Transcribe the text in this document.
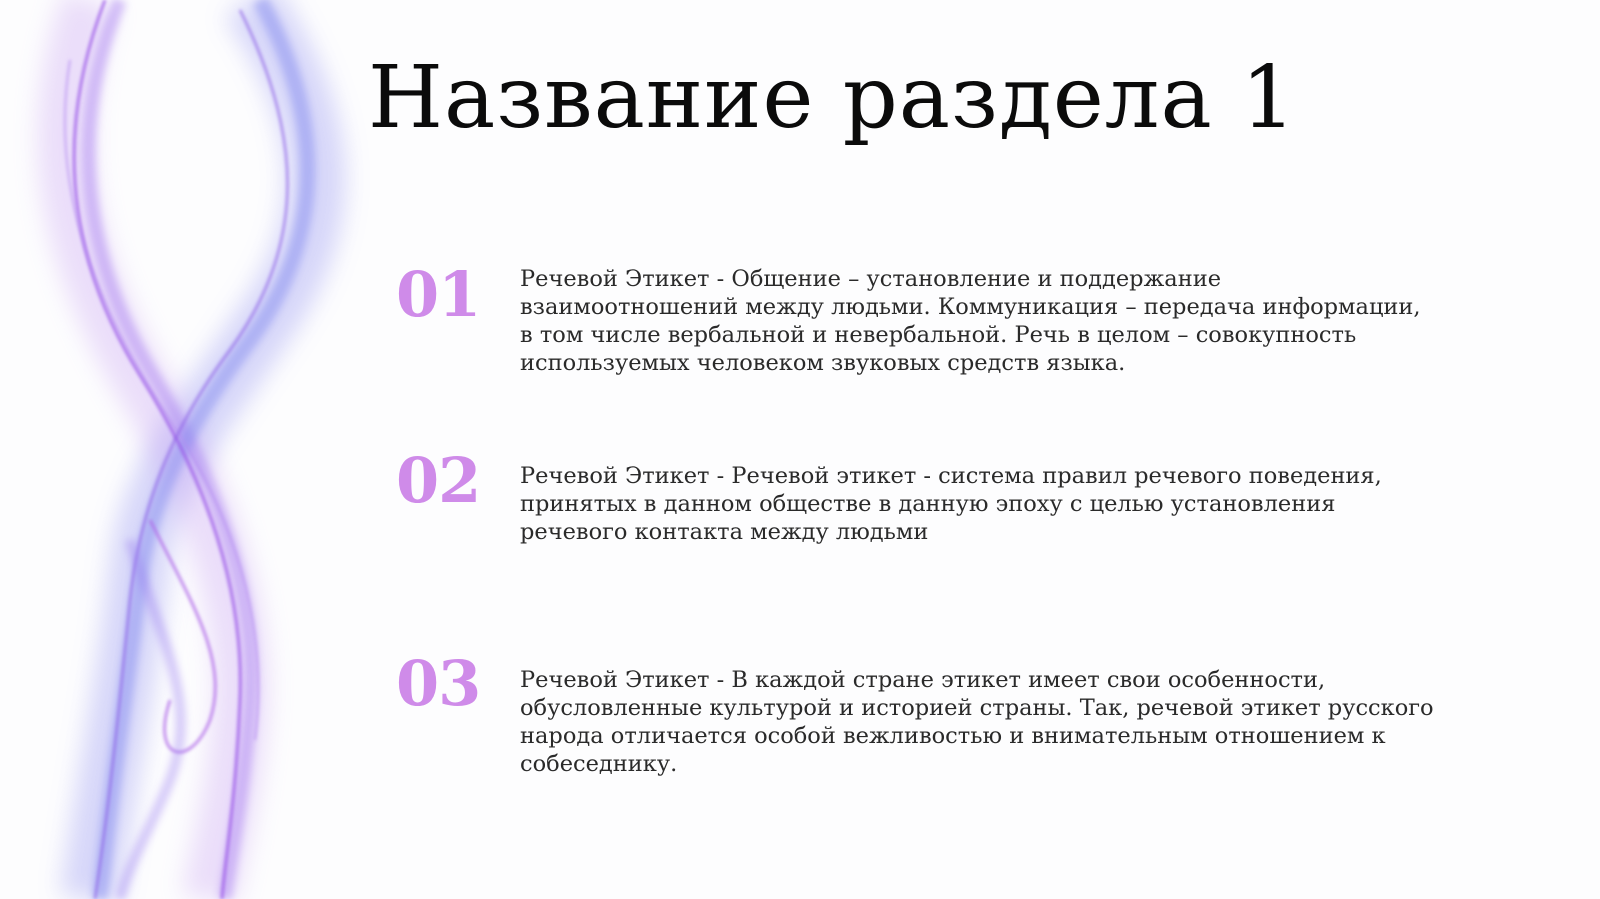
Название раздела 1
01 Речевой Этикет - Общение – установление и поддержание взаимоотношений между людьми. Коммуникация – передача информации, в том числе вербальной и невербальной. Речь в целом – совокупность используемых человеком звуковых средств языка.

02 Речевой Этикет - Речевой этикет - система правил речевого поведения, принятых в данном обществе в данную эпоху с целью установления речевого контакта между людьми

03 Речевой Этикет - В каждой стране этикет имеет свои особенности, обусловленные культурой и историей страны. Так, речевой этикет русского народа отличается особой вежливостью и внимательным отношением к собеседнику.
